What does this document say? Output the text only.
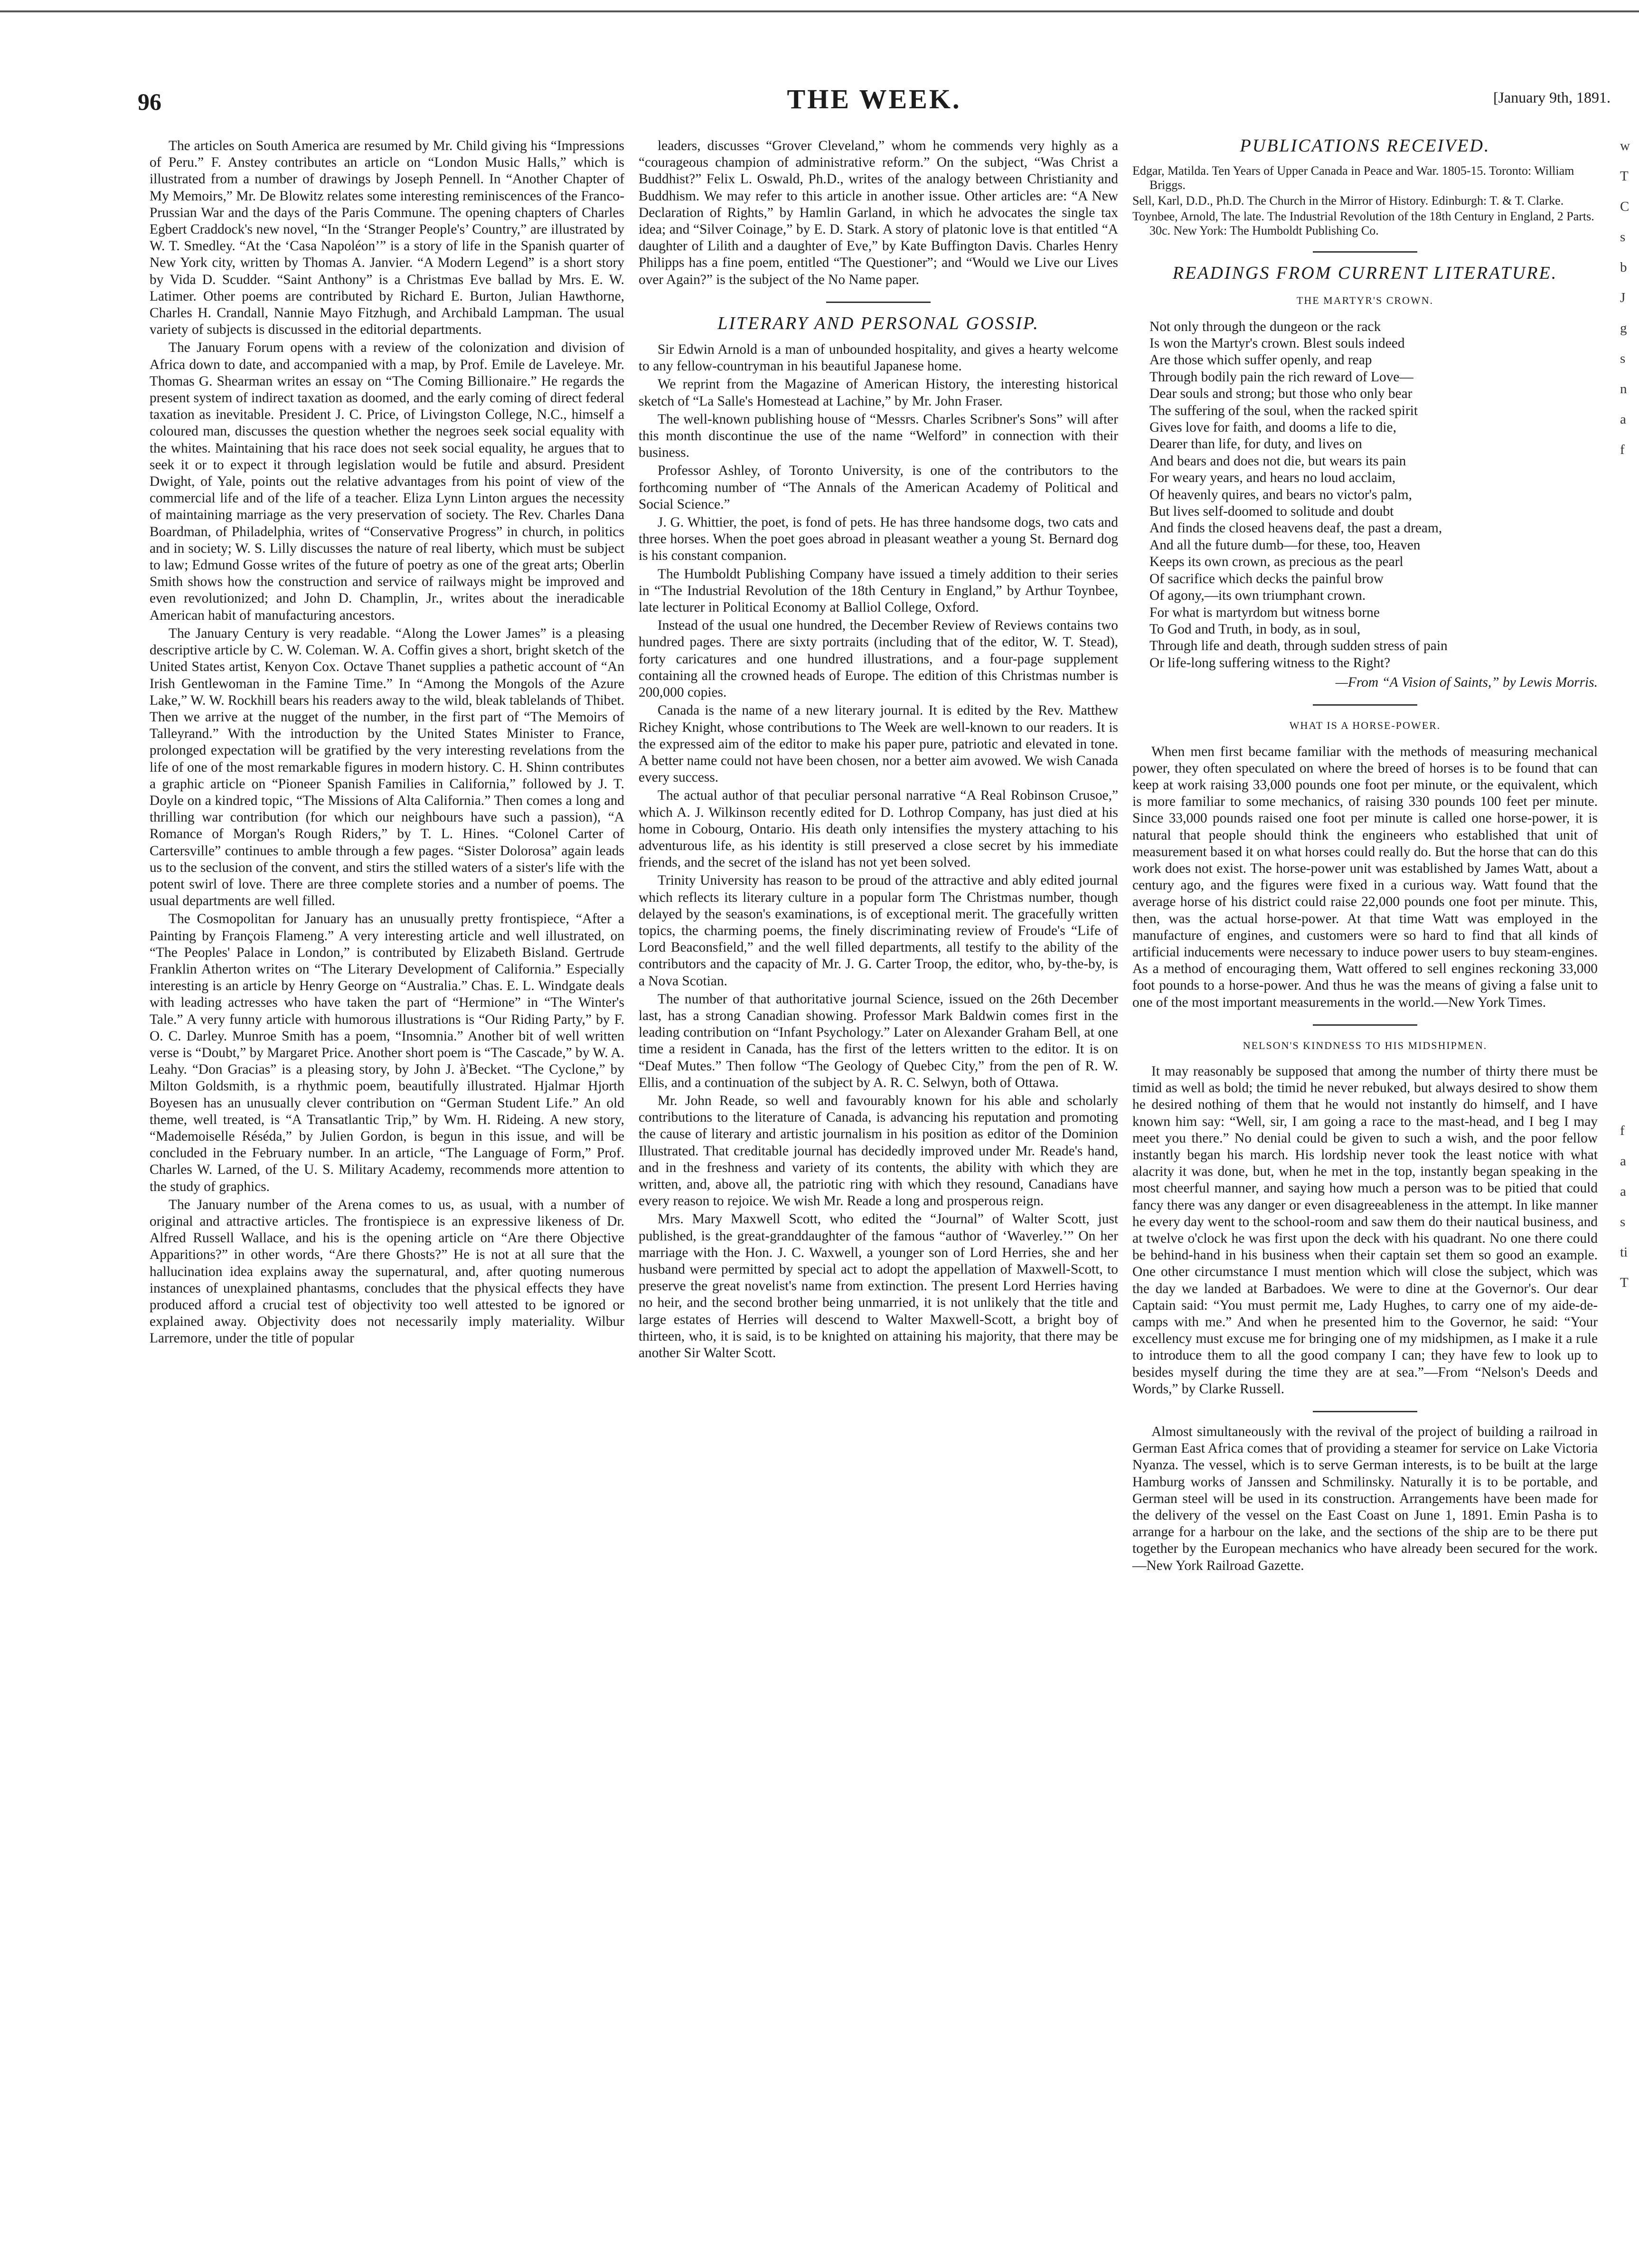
96	THE WEEK.	[January 9th, 1891.

The articles on South America are resumed by Mr. Child giving his “Impressions of Peru.” F. Anstey contributes an article on “London Music Halls,” which is illustrated from a number of drawings by Joseph Pennell. In “Another Chapter of My Memoirs,” Mr. De Blowitz relates some interesting reminiscences of the Franco-Prussian War and the days of the Paris Commune. The opening chapters of Charles Egbert Craddock's new novel, “In the ‘Stranger People's’ Country,” are illustrated by W. T. Smedley. “At the ‘Casa Napoléon’” is a story of life in the Spanish quarter of New York city, written by Thomas A. Janvier. “A Modern Legend” is a short story by Vida D. Scudder. “Saint Anthony” is a Christmas Eve ballad by Mrs. E. W. Latimer. Other poems are contributed by Richard E. Burton, Julian Hawthorne, Charles H. Crandall, Nannie Mayo Fitzhugh, and Archibald Lampman. The usual variety of subjects is discussed in the editorial departments.

The January Forum opens with a review of the colonization and division of Africa down to date, and accompanied with a map, by Prof. Emile de Laveleye. Mr. Thomas G. Shearman writes an essay on “The Coming Billionaire.” He regards the present system of indirect taxation as doomed, and the early coming of direct federal taxation as inevitable. President J. C. Price, of Livingston College, N.C., himself a coloured man, discusses the question whether the negroes seek social equality with the whites. Maintaining that his race does not seek social equality, he argues that to seek it or to expect it through legislation would be futile and absurd. President Dwight, of Yale, points out the relative advantages from his point of view of the commercial life and of the life of a teacher. Eliza Lynn Linton argues the necessity of maintaining marriage as the very preservation of society. The Rev. Charles Dana Boardman, of Philadelphia, writes of “Conservative Progress” in church, in politics and in society; W. S. Lilly discusses the nature of real liberty, which must be subject to law; Edmund Gosse writes of the future of poetry as one of the great arts; Oberlin Smith shows how the construction and service of railways might be improved and even revolutionized; and John D. Champlin, Jr., writes about the ineradicable American habit of manufacturing ancestors.

The January Century is very readable. “Along the Lower James” is a pleasing descriptive article by C. W. Coleman. W. A. Coffin gives a short, bright sketch of the United States artist, Kenyon Cox. Octave Thanet supplies a pathetic account of “An Irish Gentlewoman in the Famine Time.” In “Among the Mongols of the Azure Lake,” W. W. Rockhill bears his readers away to the wild, bleak tablelands of Thibet. Then we arrive at the nugget of the number, in the first part of “The Memoirs of Talleyrand.” With the introduction by the United States Minister to France, prolonged expectation will be gratified by the very interesting revelations from the life of one of the most remarkable figures in modern history. C. H. Shinn contributes a graphic article on “Pioneer Spanish Families in California,” followed by J. T. Doyle on a kindred topic, “The Missions of Alta California.” Then comes a long and thrilling war contribution (for which our neighbours have such a passion), “A Romance of Morgan's Rough Riders,” by T. L. Hines. “Colonel Carter of Cartersville” continues to amble through a few pages. “Sister Dolorosa” again leads us to the seclusion of the convent, and stirs the stilled waters of a sister's life with the potent swirl of love. There are three complete stories and a number of poems. The usual departments are well filled.

The Cosmopolitan for January has an unusually pretty frontispiece, “After a Painting by François Flameng.” A very interesting article and well illustrated, on “The Peoples' Palace in London,” is contributed by Elizabeth Bisland. Gertrude Franklin Atherton writes on “The Literary Development of California.” Especially interesting is an article by Henry George on “Australia.” Chas. E. L. Windgate deals with leading actresses who have taken the part of “Hermione” in “The Winter's Tale.” A very funny article with humorous illustrations is “Our Riding Party,” by F. O. C. Darley. Munroe Smith has a poem, “Insomnia.” Another bit of well written verse is “Doubt,” by Margaret Price. Another short poem is “The Cascade,” by W. A. Leahy. “Don Gracias” is a pleasing story, by John J. à'Becket. “The Cyclone,” by Milton Goldsmith, is a rhythmic poem, beautifully illustrated. Hjalmar Hjorth Boyesen has an unusually clever contribution on “German Student Life.” An old theme, well treated, is “A Transatlantic Trip,” by Wm. H. Rideing. A new story, “Mademoiselle Réséda,” by Julien Gordon, is begun in this issue, and will be concluded in the February number. In an article, “The Language of Form,” Prof. Charles W. Larned, of the U. S. Military Academy, recommends more attention to the study of graphics.

The January number of the Arena comes to us, as usual, with a number of original and attractive articles. The frontispiece is an expressive likeness of Dr. Alfred Russell Wallace, and his is the opening article on “Are there Objective Apparitions?” in other words, “Are there Ghosts?” He is not at all sure that the hallucination idea explains away the supernatural, and, after quoting numerous instances of unexplained phantasms, concludes that the physical effects they have produced afford a crucial test of objectivity too well attested to be ignored or explained away. Objectivity does not necessarily imply materiality. Wilbur Larremore, under the title of popular

leaders, discusses “Grover Cleveland,” whom he commends very highly as a “courageous champion of administrative reform.” On the subject, “Was Christ a Buddhist?” Felix L. Oswald, Ph.D., writes of the analogy between Christianity and Buddhism. We may refer to this article in another issue. Other articles are: “A New Declaration of Rights,” by Hamlin Garland, in which he advocates the single tax idea; and “Silver Coinage,” by E. D. Stark. A story of platonic love is that entitled “A daughter of Lilith and a daughter of Eve,” by Kate Buffington Davis. Charles Henry Philipps has a fine poem, entitled “The Questioner”; and “Would we Live our Lives over Again?” is the subject of the No Name paper.

LITERARY AND PERSONAL GOSSIP.

Sir Edwin Arnold is a man of unbounded hospitality, and gives a hearty welcome to any fellow-countryman in his beautiful Japanese home.

We reprint from the Magazine of American History, the interesting historical sketch of “La Salle's Homestead at Lachine,” by Mr. John Fraser.

The well-known publishing house of “Messrs. Charles Scribner's Sons” will after this month discontinue the use of the name “Welford” in connection with their business.

Professor Ashley, of Toronto University, is one of the contributors to the forthcoming number of “The Annals of the American Academy of Political and Social Science.”

J. G. Whittier, the poet, is fond of pets. He has three handsome dogs, two cats and three horses. When the poet goes abroad in pleasant weather a young St. Bernard dog is his constant companion.

The Humboldt Publishing Company have issued a timely addition to their series in “The Industrial Revolution of the 18th Century in England,” by Arthur Toynbee, late lecturer in Political Economy at Balliol College, Oxford.

Instead of the usual one hundred, the December Review of Reviews contains two hundred pages. There are sixty portraits (including that of the editor, W. T. Stead), forty caricatures and one hundred illustrations, and a four-page supplement containing all the crowned heads of Europe. The edition of this Christmas number is 200,000 copies.

Canada is the name of a new literary journal. It is edited by the Rev. Matthew Richey Knight, whose contributions to The Week are well-known to our readers. It is the expressed aim of the editor to make his paper pure, patriotic and elevated in tone. A better name could not have been chosen, nor a better aim avowed. We wish Canada every success.

The actual author of that peculiar personal narrative “A Real Robinson Crusoe,” which A. J. Wilkinson recently edited for D. Lothrop Company, has just died at his home in Cobourg, Ontario. His death only intensifies the mystery attaching to his adventurous life, as his identity is still preserved a close secret by his immediate friends, and the secret of the island has not yet been solved.

Trinity University has reason to be proud of the attractive and ably edited journal which reflects its literary culture in a popular form The Christmas number, though delayed by the season's examinations, is of exceptional merit. The gracefully written topics, the charming poems, the finely discriminating review of Froude's “Life of Lord Beaconsfield,” and the well filled departments, all testify to the ability of the contributors and the capacity of Mr. J. G. Carter Troop, the editor, who, by-the-by, is a Nova Scotian.

The number of that authoritative journal Science, issued on the 26th December last, has a strong Canadian showing. Professor Mark Baldwin comes first in the leading contribution on “Infant Psychology.” Later on Alexander Graham Bell, at one time a resident in Canada, has the first of the letters written to the editor. It is on “Deaf Mutes.” Then follow “The Geology of Quebec City,” from the pen of R. W. Ellis, and a continuation of the subject by A. R. C. Selwyn, both of Ottawa.

Mr. John Reade, so well and favourably known for his able and scholarly contributions to the literature of Canada, is advancing his reputation and promoting the cause of literary and artistic journalism in his position as editor of the Dominion Illustrated. That creditable journal has decidedly improved under Mr. Reade's hand, and in the freshness and variety of its contents, the ability with which they are written, and, above all, the patriotic ring with which they resound, Canadians have every reason to rejoice. We wish Mr. Reade a long and prosperous reign.

Mrs. Mary Maxwell Scott, who edited the “Journal” of Walter Scott, just published, is the great-granddaughter of the famous “author of ‘Waverley.’” On her marriage with the Hon. J. C. Waxwell, a younger son of Lord Herries, she and her husband were permitted by special act to adopt the appellation of Maxwell-Scott, to preserve the great novelist's name from extinction. The present Lord Herries having no heir, and the second brother being unmarried, it is not unlikely that the title and large estates of Herries will descend to Walter Maxwell-Scott, a bright boy of thirteen, who, it is said, is to be knighted on attaining his majority, that there may be another Sir Walter Scott.

PUBLICATIONS RECEIVED.

Edgar, Matilda. Ten Years of Upper Canada in Peace and War. 1805-15. Toronto: William Briggs.

Sell, Karl, D.D., Ph.D. The Church in the Mirror of History. Edinburgh: T. & T. Clarke.

Toynbee, Arnold, The late. The Industrial Revolution of the 18th Century in England, 2 Parts. 30c. New York: The Humboldt Publishing Co.

READINGS FROM CURRENT LITERATURE.
THE MARTYR'S CROWN.
Not only through the dungeon or the rack
Is won the Martyr's crown. Blest souls indeed
Are those which suffer openly, and reap
Through bodily pain the rich reward of Love—
Dear souls and strong; but those who only bear
The suffering of the soul, when the racked spirit
Gives love for faith, and dooms a life to die,
Dearer than life, for duty, and lives on
And bears and does not die, but wears its pain
For weary years, and hears no loud acclaim,
Of heavenly quires, and bears no victor's palm,
But lives self-doomed to solitude and doubt
And finds the closed heavens deaf, the past a dream,
And all the future dumb—for these, too, Heaven
Keeps its own crown, as precious as the pearl
Of sacrifice which decks the painful brow
Of agony,—its own triumphant crown.
For what is martyrdom but witness borne
To God and Truth, in body, as in soul,
Through life and death, through sudden stress of pain
Or life-long suffering witness to the Right?

—From “A Vision of Saints,” by Lewis Morris.

WHAT IS A HORSE-POWER.

When men first became familiar with the methods of measuring mechanical power, they often speculated on where the breed of horses is to be found that can keep at work raising 33,000 pounds one foot per minute, or the equivalent, which is more familiar to some mechanics, of raising 330 pounds 100 feet per minute. Since 33,000 pounds raised one foot per minute is called one horse-power, it is natural that people should think the engineers who established that unit of measurement based it on what horses could really do. But the horse that can do this work does not exist. The horse-power unit was established by James Watt, about a century ago, and the figures were fixed in a curious way. Watt found that the average horse of his district could raise 22,000 pounds one foot per minute. This, then, was the actual horse-power. At that time Watt was employed in the manufacture of engines, and customers were so hard to find that all kinds of artificial inducements were necessary to induce power users to buy steam-engines. As a method of encouraging them, Watt offered to sell engines reckoning 33,000 foot pounds to a horse-power. And thus he was the means of giving a false unit to one of the most important measurements in the world.—New York Times.

NELSON'S KINDNESS TO HIS MIDSHIPMEN.

It may reasonably be supposed that among the number of thirty there must be timid as well as bold; the timid he never rebuked, but always desired to show them he desired nothing of them that he would not instantly do himself, and I have known him say: “Well, sir, I am going a race to the mast-head, and I beg I may meet you there.” No denial could be given to such a wish, and the poor fellow instantly began his march. His lordship never took the least notice with what alacrity it was done, but, when he met in the top, instantly began speaking in the most cheerful manner, and saying how much a person was to be pitied that could fancy there was any danger or even disagreeableness in the attempt. In like manner he every day went to the school-room and saw them do their nautical business, and at twelve o'clock he was first upon the deck with his quadrant. No one there could be behind-hand in his business when their captain set them so good an example. One other circumstance I must mention which will close the subject, which was the day we landed at Barbadoes. We were to dine at the Governor's. Our dear Captain said: “You must permit me, Lady Hughes, to carry one of my aide-de-camps with me.” And when he presented him to the Governor, he said: “Your excellency must excuse me for bringing one of my midshipmen, as I make it a rule to introduce them to all the good company I can; they have few to look up to besides myself during the time they are at sea.”—From “Nelson's Deeds and Words,” by Clarke Russell.

Almost simultaneously with the revival of the project of building a railroad in German East Africa comes that of providing a steamer for service on Lake Victoria Nyanza. The vessel, which is to serve German interests, is to be built at the large Hamburg works of Janssen and Schmilinsky. Naturally it is to be portable, and German steel will be used in its construction. Arrangements have been made for the delivery of the vessel on the East Coast on June 1, 1891. Emin Pasha is to arrange for a harbour on the lake, and the sections of the ship are to be there put together by the European mechanics who have already been secured for the work.—New York Railroad Gazette.

w
T
C
s
b
J
g
s
n
a
f
f
a
a
s
ti
T
